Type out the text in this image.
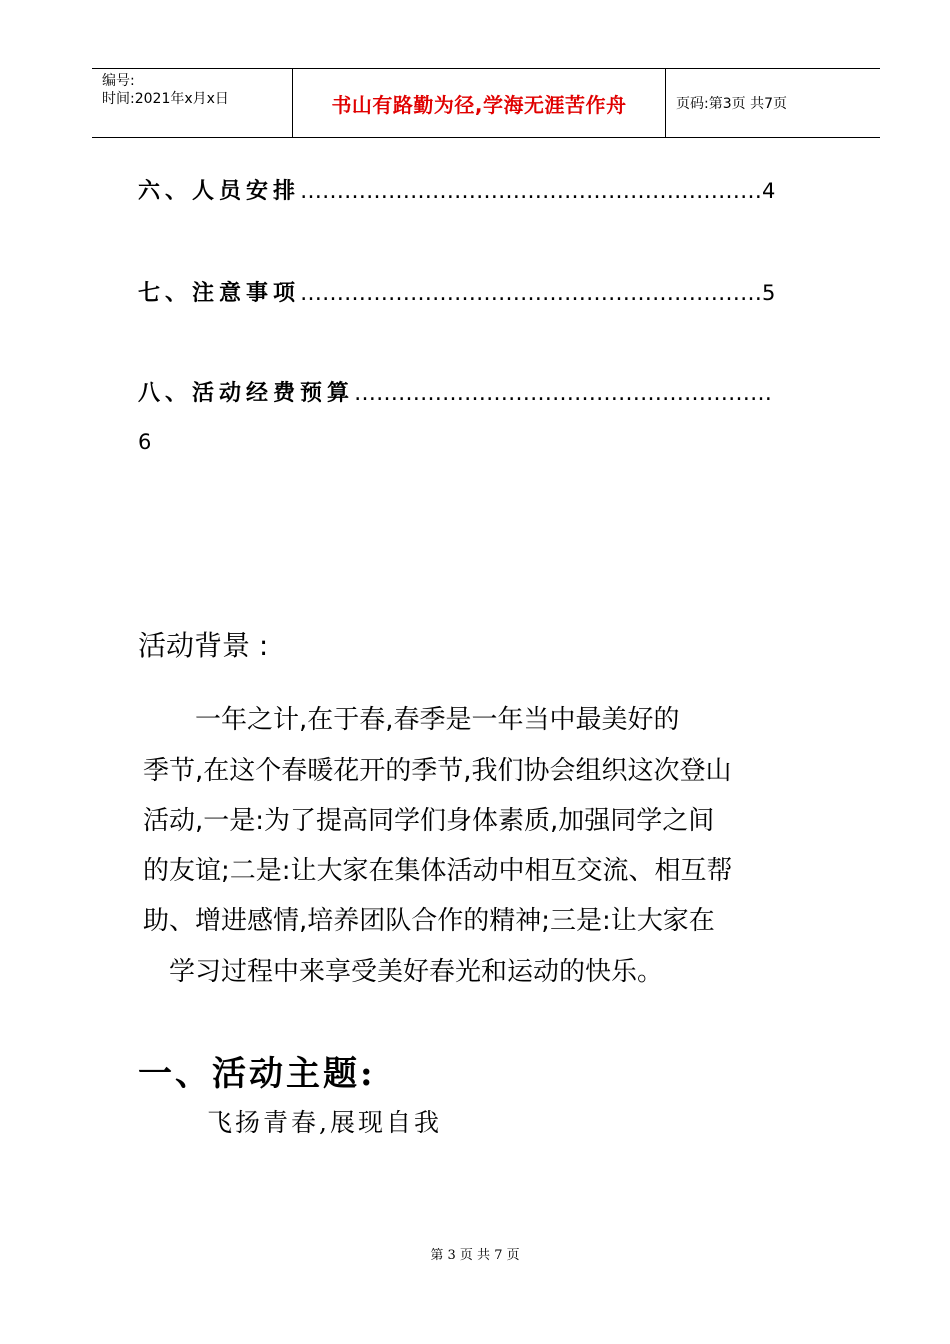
编号:
时间:2021年x月x日	书山有路勤为径,学海无涯苦作舟	页码:第3页 共7页
六、人员安排………………………………………………………4
七、注意事项………………………………………………………5
八、活动经费预算…………………………………………………
6
活动背景 :
　　一年之计,在于春,春季是一年当中最美好的
季节,在这个春暖花开的季节,我们协会组织这次登山
活动,一是:为了提高同学们身体素质,加强同学之间
的友谊;二是:让大家在集体活动中相互交流、相互帮
助、增进感情,培养团队合作的精神;三是:让大家在
　学习过程中来享受美好春光和运动的快乐。
一、活动主题:
飞扬青春,展现自我
第 3 页 共 7 页
